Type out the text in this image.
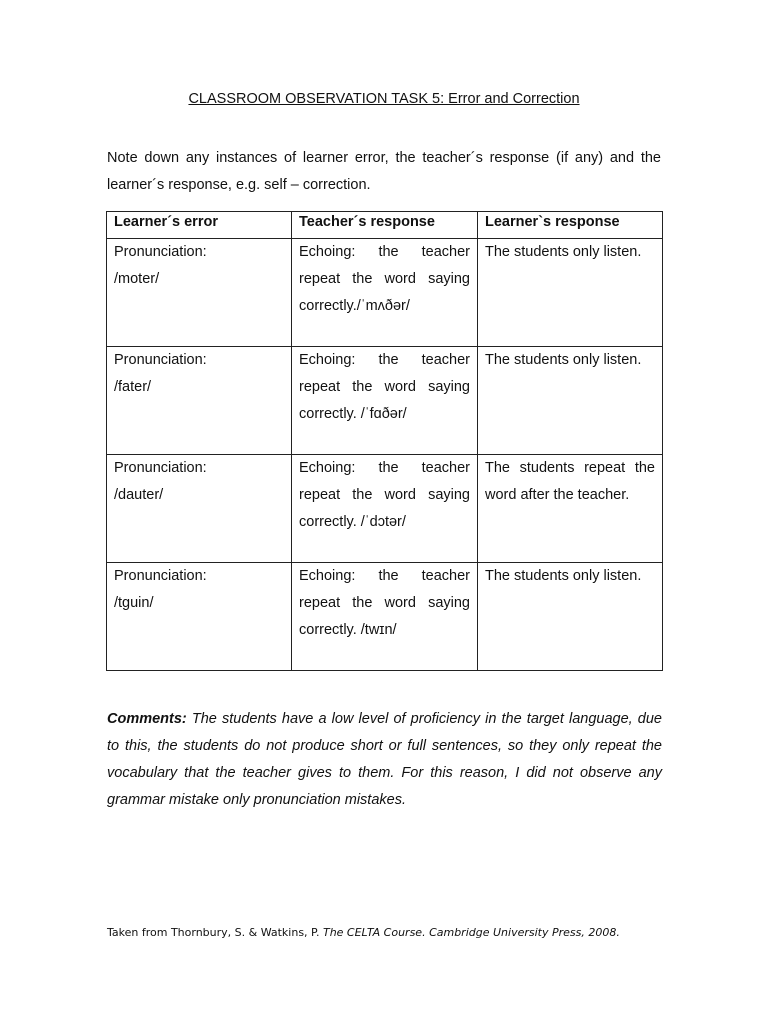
CLASSROOM OBSERVATION TASK 5: Error and Correction
Note down any instances of learner error, the teacher´s response (if any) and the learner´s response, e.g. self – correction.
Learner´s error	Teacher´s response	Learner`s response

Pronunciation:
/moter/	Echoing: the teacher
repeat the word saying
correctly./ˈmʌðər/	The students only listen.

Pronunciation:
/fater/	Echoing: the teacher
repeat the word saying
correctly. /ˈfɑðər/	The students only listen.

Pronunciation:
/dauter/	Echoing: the teacher
repeat the word saying
correctly. /ˈdɔtər/	The students repeat the
word after the teacher.

Pronunciation:
/tguin/	Echoing: the teacher
repeat the word saying
correctly. /twɪn/	The students only listen.
Comments: The students have a low level of proficiency in the target language, due to this, the students do not produce short or full sentences, so they only repeat the vocabulary that the teacher gives to them. For this reason, I did not observe any grammar mistake only pronunciation mistakes.
Taken from Thornbury, S. & Watkins, P. The CELTA Course. Cambridge University Press, 2008.
